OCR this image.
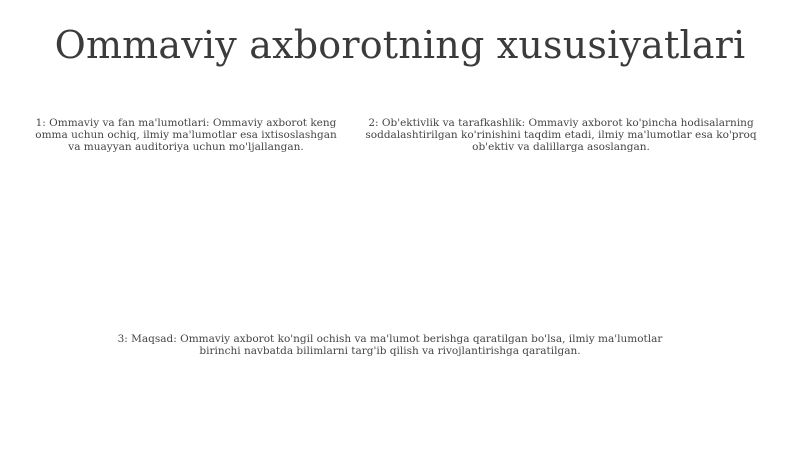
Ommaviy axborotning xususiyatlari

1: Ommaviy va fan ma'lumotlari: Ommaviy axborot keng omma uchun ochiq, ilmiy ma'lumotlar esa ixtisoslashgan va muayyan auditoriya uchun mo'ljallangan.

2: Ob'ektivlik va tarafkashlik: Ommaviy axborot ko'pincha hodisalarning soddalashtirilgan ko'rinishini taqdim etadi, ilmiy ma'lumotlar esa ko'proq ob'ektiv va dalillarga asoslangan.

3: Maqsad: Ommaviy axborot ko'ngil ochish va ma'lumot berishga qaratilgan bo'lsa, ilmiy ma'lumotlar birinchi navbatda bilimlarni targ'ib qilish va rivojlantirishga qaratilgan.
